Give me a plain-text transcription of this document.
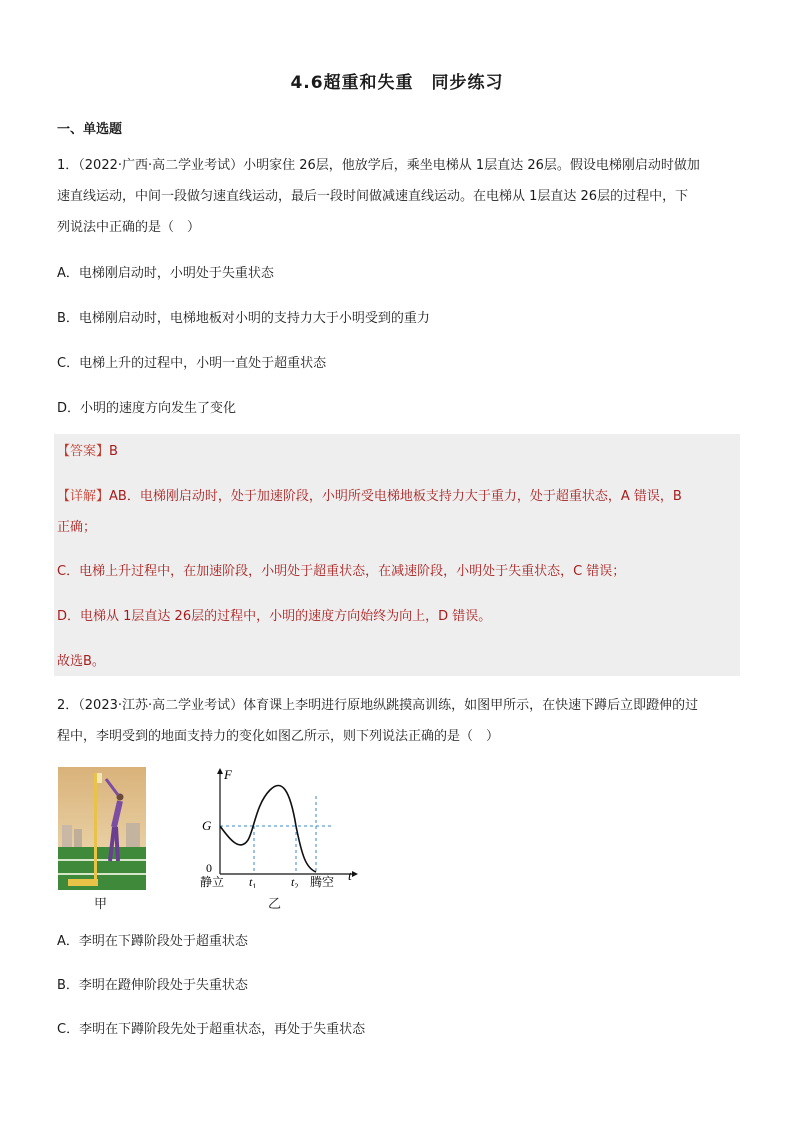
4.6超重和失重　同步练习
一、单选题
1．（2022·广西·高二学业考试）小明家住 26层，他放学后，乘坐电梯从 1层直达 26层。假设电梯刚启动时做加
速直线运动，中间一段做匀速直线运动，最后一段时间做减速直线运动。在电梯从 1层直达 26层的过程中，下
列说法中正确的是（　）
A．电梯刚启动时，小明处于失重状态
B．电梯刚启动时，电梯地板对小明的支持力大于小明受到的重力
C．电梯上升的过程中，小明一直处于超重状态
D．小明的速度方向发生了变化
【答案】B
【详解】AB．电梯刚启动时，处于加速阶段，小明所受电梯地板支持力大于重力，处于超重状态，A 错误，B
正确；
C．电梯上升过程中，在加速阶段，小明处于超重状态，在减速阶段，小明处于失重状态，C 错误；
D．电梯从 1层直达 26层的过程中，小明的速度方向始终为向上，D 错误。
故选B。
2．（2023·江苏·高二学业考试）体育课上李明进行原地纵跳摸高训练，如图甲所示，在快速下蹲后立即蹬伸的过
程中，李明受到的地面支持力的变化如图乙所示，则下列说法正确的是（　）
甲
F
t
G
0
静立 $t_1$	$t_2$ 腾空
乙
A．李明在下蹲阶段处于超重状态
B．李明在蹬伸阶段处于失重状态
C．李明在下蹲阶段先处于超重状态，再处于失重状态
